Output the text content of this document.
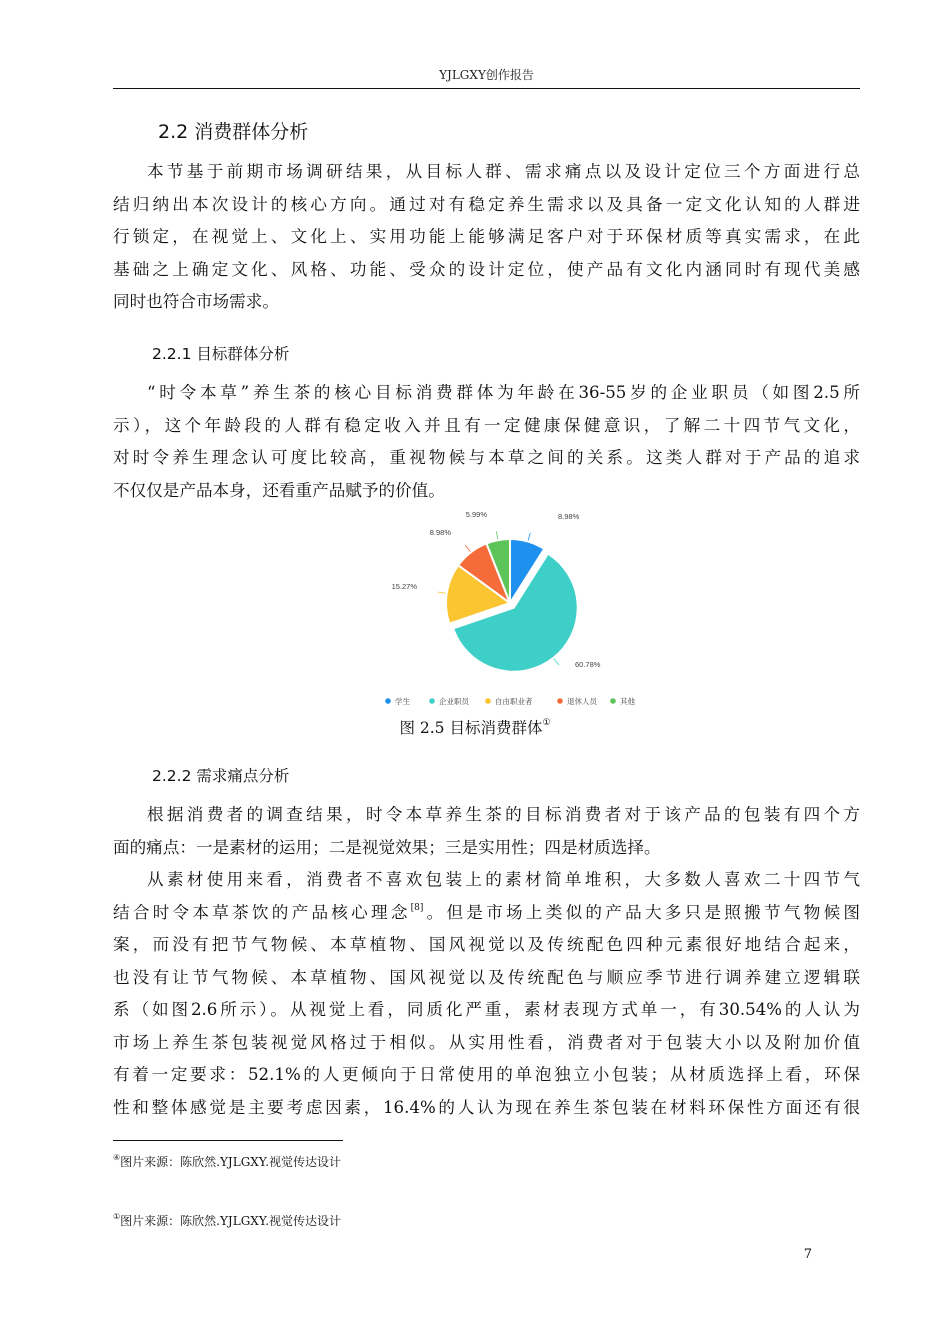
YJLGXY创作报告
2.2 消费群体分析
本节基于前期市场调研结果，从目标人群、需求痛点以及设计定位三个方面进行总
结归纳出本次设计的核心方向。通过对有稳定养生需求以及具备一定文化认知的人群进
行锁定，在视觉上、文化上、实用功能上能够满足客户对于环保材质等真实需求，在此
基础之上确定文化、风格、功能、受众的设计定位，使产品有文化内涵同时有现代美感
同时也符合市场需求。
2.2.1 目标群体分析
“时令本草”养生茶的核心目标消费群体为年龄在36-55岁的企业职员（如图2.5所
示），这个年龄段的人群有稳定收入并且有一定健康保健意识，了解二十四节气文化，
对时令养生理念认可度比较高，重视物候与本草之间的关系。这类人群对于产品的追求
不仅仅是产品本身，还看重产品赋予的价值。
8.98%
60.78%
15.27%
8.98%
5.99%
学生	企业职员	自由职业者	退休人员	其他
图 2.5 目标消费群体①
2.2.2 需求痛点分析
根据消费者的调查结果，时令本草养生茶的目标消费者对于该产品的包装有四个方
面的痛点：一是素材的运用；二是视觉效果；三是实用性；四是材质选择。
从素材使用来看，消费者不喜欢包装上的素材简单堆积，大多数人喜欢二十四节气
结合时令本草茶饮的产品核心理念[8]。但是市场上类似的产品大多只是照搬节气物候图
案，而没有把节气物候、本草植物、国风视觉以及传统配色四种元素很好地结合起来，
也没有让节气物候、本草植物、国风视觉以及传统配色与顺应季节进行调养建立逻辑联
系（如图2.6所示）。从视觉上看，同质化严重，素材表现方式单一，有30.54%的人认为
市场上养生茶包装视觉风格过于相似。从实用性看，消费者对于包装大小以及附加价值
有着一定要求：52.1%的人更倾向于日常使用的单泡独立小包装；从材质选择上看，环保
性和整体感觉是主要考虑因素，16.4%的人认为现在养生茶包装在材料环保性方面还有很
④图片来源：陈欣然.YJLGXY.视觉传达设计
①图片来源：陈欣然.YJLGXY.视觉传达设计
7
